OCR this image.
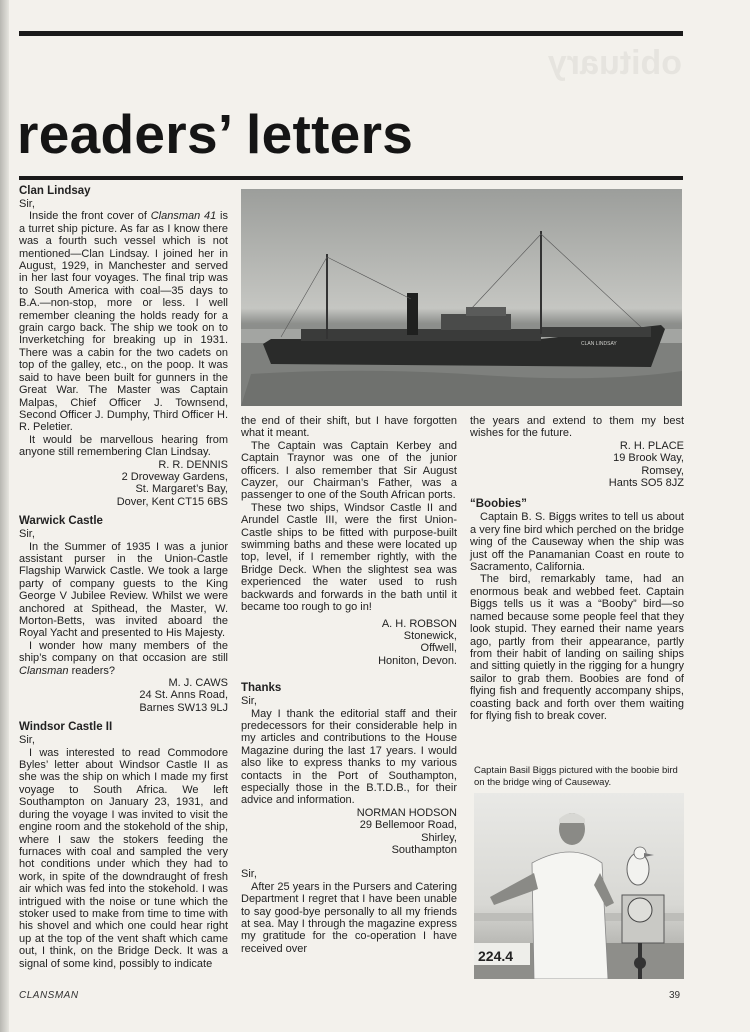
obituary
readers’ letters
Clan Lindsay

Sir,

Inside the front cover of Clansman 41 is a turret ship picture. As far as I know there was a fourth such vessel which is not mentioned—Clan Lindsay. I joined her in August, 1929, in Manchester and served in her last four voyages. The final trip was to South America with coal—35 days to B.A.—non-stop, more or less. I well remember cleaning the holds ready for a grain cargo back. The ship we took on to Inverketching for breaking up in 1931. There was a cabin for the two cadets on top of the galley, etc., on the poop. It was said to have been built for gunners in the Great War. The Master was Captain Malpas, Chief Officer J. Townsend, Second Officer J. Dumphy, Third Officer H. R. Peletier.

It would be marvellous hearing from anyone still remembering Clan Lindsay.

R. R. DENNIS
2 Droveway Gardens,
St. Margaret’s Bay,
Dover, Kent CT15 6BS
Warwick Castle

Sir,

In the Summer of 1935 I was a junior assistant purser in the Union-Castle Flagship Warwick Castle. We took a large party of company guests to the King George V Jubilee Review. Whilst we were anchored at Spithead, the Master, W. Morton-Betts, was invited aboard the Royal Yacht and presented to His Majesty.

I wonder how many members of the ship’s company on that occasion are still Clansman readers?

M. J. CAWS
24 St. Anns Road,
Barnes SW13 9LJ
Windsor Castle II

Sir,

I was interested to read Commodore Byles’ letter about Windsor Castle II as she was the ship on which I made my first voyage to South Africa. We left Southampton on January 23, 1931, and during the voyage I was invited to visit the engine room and the stokehold of the ship, where I saw the stokers feeding the furnaces with coal and sampled the very hot conditions under which they had to work, in spite of the downdraught of fresh air which was fed into the stokehold. I was intrigued with the noise or tune which the stoker used to make from time to time with his shovel and which one could hear right up at the top of the vent shaft which came out, I think, on the Bridge Deck. It was a signal of some kind, possibly to indicate

CLAN LINDSAY

the end of their shift, but I have forgotten what it meant.

The Captain was Captain Kerbey and Captain Traynor was one of the junior officers. I also remember that Sir August Cayzer, our Chairman’s Father, was a passenger to one of the South African ports.

These two ships, Windsor Castle II and Arundel Castle III, were the first Union-Castle ships to be fitted with purpose-built swimming baths and these were located up top, level, if I remember rightly, with the Bridge Deck. When the slightest sea was experienced the water used to rush backwards and forwards in the bath until it became too rough to go in!

A. H. ROBSON
Stonewick,
Offwell,
Honiton, Devon.
Thanks

Sir,

May I thank the editorial staff and their predecessors for their considerable help in my articles and contributions to the House Magazine during the last 17 years. I would also like to express thanks to my various contacts in the Port of Southampton, especially those in the B.T.D.B., for their advice and information.

NORMAN HODSON
29 Bellemoor Road,
Shirley,
Southampton

Sir,

After 25 years in the Pursers and Catering Department I regret that I have been unable to say good-bye personally to all my friends at sea. May I through the magazine express my gratitude for the co-operation I have received over

the years and extend to them my best wishes for the future.

R. H. PLACE
19 Brook Way,
Romsey,
Hants SO5 8JZ
“Boobies”

Captain B. S. Biggs writes to tell us about a very fine bird which perched on the bridge wing of the Causeway when the ship was just off the Panamanian Coast en route to Sacramento, California.

The bird, remarkably tame, had an enormous beak and webbed feet. Captain Biggs tells us it was a “Booby” bird—so named because some people feel that they look stupid. They earned their name years ago, partly from their appearance, partly from their habit of landing on sailing ships and sitting quietly in the rigging for a hungry sailor to grab them. Boobies are fond of flying fish and frequently accompany ships, coasting back and forth over them waiting for flying fish to break cover.

Captain Basil Biggs pictured with the boobie bird on the bridge wing of Causeway.

224.4
CLANSMAN	39
